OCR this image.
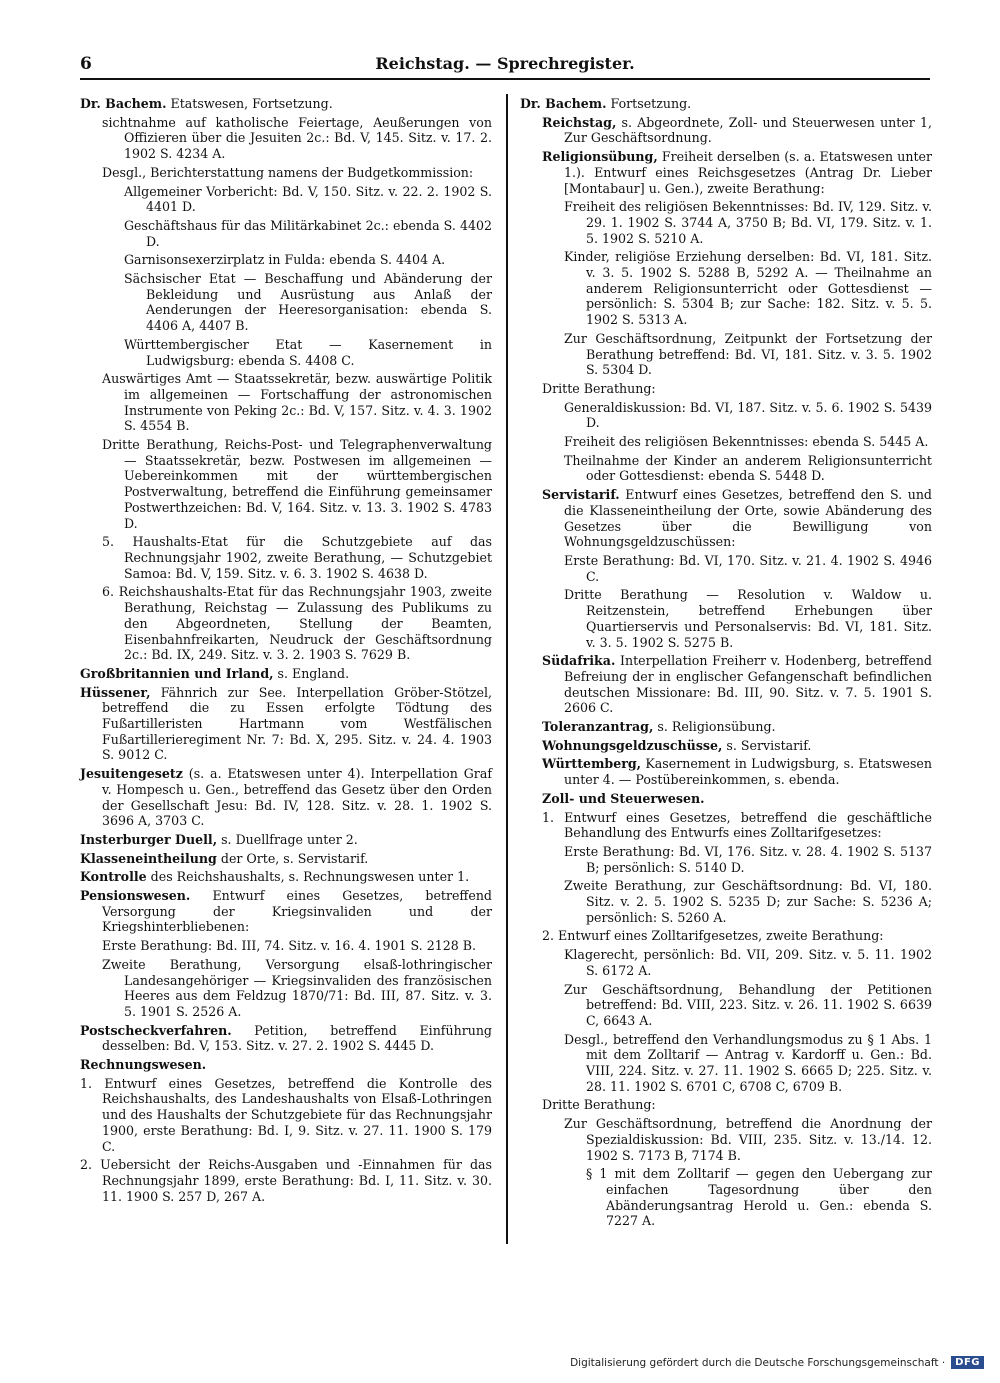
6	Reichstag. — Sprechregister.
Dr. Bachem. Etatswesen, Fortsetzung.
sichtnahme auf katholische Feiertage, Aeußerungen von Offizieren über die Jesuiten 2c.: Bd. V, 145. Sitz. v. 17. 2. 1902 S. 4234 A.
Desgl., Berichterstattung namens der Budgetkommission:
Allgemeiner Vorbericht: Bd. V, 150. Sitz. v. 22. 2. 1902 S. 4401 D.
Geschäftshaus für das Militärkabinet 2c.: ebenda S. 4402 D.
Garnisonsexerzirplatz in Fulda: ebenda S. 4404 A.
Sächsischer Etat — Beschaffung und Abänderung der Bekleidung und Ausrüstung aus Anlaß der Aenderungen der Heeresorganisation: ebenda S. 4406 A, 4407 B.
Württembergischer Etat — Kasernement in Ludwigsburg: ebenda S. 4408 C.
Auswärtiges Amt — Staatssekretär, bezw. auswärtige Politik im allgemeinen — Fortschaffung der astronomischen Instrumente von Peking 2c.: Bd. V, 157. Sitz. v. 4. 3. 1902 S. 4554 B.
Dritte Berathung, Reichs-Post- und Telegraphenverwaltung — Staatssekretär, bezw. Postwesen im allgemeinen — Uebereinkommen mit der württembergischen Postverwaltung, betreffend die Einführung gemeinsamer Postwerthzeichen: Bd. V, 164. Sitz. v. 13. 3. 1902 S. 4783 D.
5. Haushalts-Etat für die Schutzgebiete auf das Rechnungsjahr 1902, zweite Berathung, — Schutzgebiet Samoa: Bd. V, 159. Sitz. v. 6. 3. 1902 S. 4638 D.
6. Reichshaushalts-Etat für das Rechnungsjahr 1903, zweite Berathung, Reichstag — Zulassung des Publikums zu den Abgeordneten, Stellung der Beamten, Eisenbahnfreikarten, Neudruck der Geschäftsordnung 2c.: Bd. IX, 249. Sitz. v. 3. 2. 1903 S. 7629 B.
Großbritannien und Irland, s. England.
Hüssener, Fähnrich zur See. Interpellation Gröber-Stötzel, betreffend die zu Essen erfolgte Tödtung des Fußartilleristen Hartmann vom Westfälischen Fußartillerieregiment Nr. 7: Bd. X, 295. Sitz. v. 24. 4. 1903 S. 9012 C.
Jesuitengesetz (s. a. Etatswesen unter 4). Interpellation Graf v. Hompesch u. Gen., betreffend das Gesetz über den Orden der Gesellschaft Jesu: Bd. IV, 128. Sitz. v. 28. 1. 1902 S. 3696 A, 3703 C.
Insterburger Duell, s. Duellfrage unter 2.
Klasseneintheilung der Orte, s. Servistarif.
Kontrolle des Reichshaushalts, s. Rechnungswesen unter 1.
Pensionswesen. Entwurf eines Gesetzes, betreffend Versorgung der Kriegsinvaliden und der Kriegshinterbliebenen:
Erste Berathung: Bd. III, 74. Sitz. v. 16. 4. 1901 S. 2128 B.
Zweite Berathung, Versorgung elsaß-lothringischer Landesangehöriger — Kriegsinvaliden des französischen Heeres aus dem Feldzug 1870/71: Bd. III, 87. Sitz. v. 3. 5. 1901 S. 2526 A.
Postscheckverfahren. Petition, betreffend Einführung desselben: Bd. V, 153. Sitz. v. 27. 2. 1902 S. 4445 D.
Rechnungswesen.
1. Entwurf eines Gesetzes, betreffend die Kontrolle des Reichshaushalts, des Landeshaushalts von Elsaß-Lothringen und des Haushalts der Schutzgebiete für das Rechnungsjahr 1900, erste Berathung: Bd. I, 9. Sitz. v. 27. 11. 1900 S. 179 C.
2. Uebersicht der Reichs-Ausgaben und -Einnahmen für das Rechnungsjahr 1899, erste Berathung: Bd. I, 11. Sitz. v. 30. 11. 1900 S. 257 D, 267 A.
Dr. Bachem. Fortsetzung.
Reichstag, s. Abgeordnete, Zoll- und Steuerwesen unter 1, Zur Geschäftsordnung.
Religionsübung, Freiheit derselben (s. a. Etatswesen unter 1.). Entwurf eines Reichsgesetzes (Antrag Dr. Lieber [Montabaur] u. Gen.), zweite Berathung:
Freiheit des religiösen Bekenntnisses: Bd. IV, 129. Sitz. v. 29. 1. 1902 S. 3744 A, 3750 B; Bd. VI, 179. Sitz. v. 1. 5. 1902 S. 5210 A.
Kinder, religiöse Erziehung derselben: Bd. VI, 181. Sitz. v. 3. 5. 1902 S. 5288 B, 5292 A. — Theilnahme an anderem Religionsunterricht oder Gottesdienst — persönlich: S. 5304 B; zur Sache: 182. Sitz. v. 5. 5. 1902 S. 5313 A.
Zur Geschäftsordnung, Zeitpunkt der Fortsetzung der Berathung betreffend: Bd. VI, 181. Sitz. v. 3. 5. 1902 S. 5304 D.
Dritte Berathung:
Generaldiskussion: Bd. VI, 187. Sitz. v. 5. 6. 1902 S. 5439 D.
Freiheit des religiösen Bekenntnisses: ebenda S. 5445 A.
Theilnahme der Kinder an anderem Religionsunterricht oder Gottesdienst: ebenda S. 5448 D.
Servistarif. Entwurf eines Gesetzes, betreffend den S. und die Klasseneintheilung der Orte, sowie Abänderung des Gesetzes über die Bewilligung von Wohnungsgeldzuschüssen:
Erste Berathung: Bd. VI, 170. Sitz. v. 21. 4. 1902 S. 4946 C.
Dritte Berathung — Resolution v. Waldow u. Reitzenstein, betreffend Erhebungen über Quartierservis und Personalservis: Bd. VI, 181. Sitz. v. 3. 5. 1902 S. 5275 B.
Südafrika. Interpellation Freiherr v. Hodenberg, betreffend Befreiung der in englischer Gefangenschaft befindlichen deutschen Missionare: Bd. III, 90. Sitz. v. 7. 5. 1901 S. 2606 C.
Toleranzantrag, s. Religionsübung.
Wohnungsgeldzuschüsse, s. Servistarif.
Württemberg, Kasernement in Ludwigsburg, s. Etatswesen unter 4. — Postübereinkommen, s. ebenda.
Zoll- und Steuerwesen.
1. Entwurf eines Gesetzes, betreffend die geschäftliche Behandlung des Entwurfs eines Zolltarifgesetzes:
Erste Berathung: Bd. VI, 176. Sitz. v. 28. 4. 1902 S. 5137 B; persönlich: S. 5140 D.
Zweite Berathung, zur Geschäftsordnung: Bd. VI, 180. Sitz. v. 2. 5. 1902 S. 5235 D; zur Sache: S. 5236 A; persönlich: S. 5260 A.
2. Entwurf eines Zolltarifgesetzes, zweite Berathung:
Klagerecht, persönlich: Bd. VII, 209. Sitz. v. 5. 11. 1902 S. 6172 A.
Zur Geschäftsordnung, Behandlung der Petitionen betreffend: Bd. VIII, 223. Sitz. v. 26. 11. 1902 S. 6639 C, 6643 A.
Desgl., betreffend den Verhandlungsmodus zu § 1 Abs. 1 mit dem Zolltarif — Antrag v. Kardorff u. Gen.: Bd. VIII, 224. Sitz. v. 27. 11. 1902 S. 6665 D; 225. Sitz. v. 28. 11. 1902 S. 6701 C, 6708 C, 6709 B.
Dritte Berathung:
Zur Geschäftsordnung, betreffend die Anordnung der Spezialdiskussion: Bd. VIII, 235. Sitz. v. 13./14. 12. 1902 S. 7173 B, 7174 B.
§ 1 mit dem Zolltarif — gegen den Uebergang zur einfachen Tagesordnung über den Abänderungsantrag Herold u. Gen.: ebenda S. 7227 A.
Digitalisierung gefördert durch die Deutsche Forschungsgemeinschaft ·	DFG
